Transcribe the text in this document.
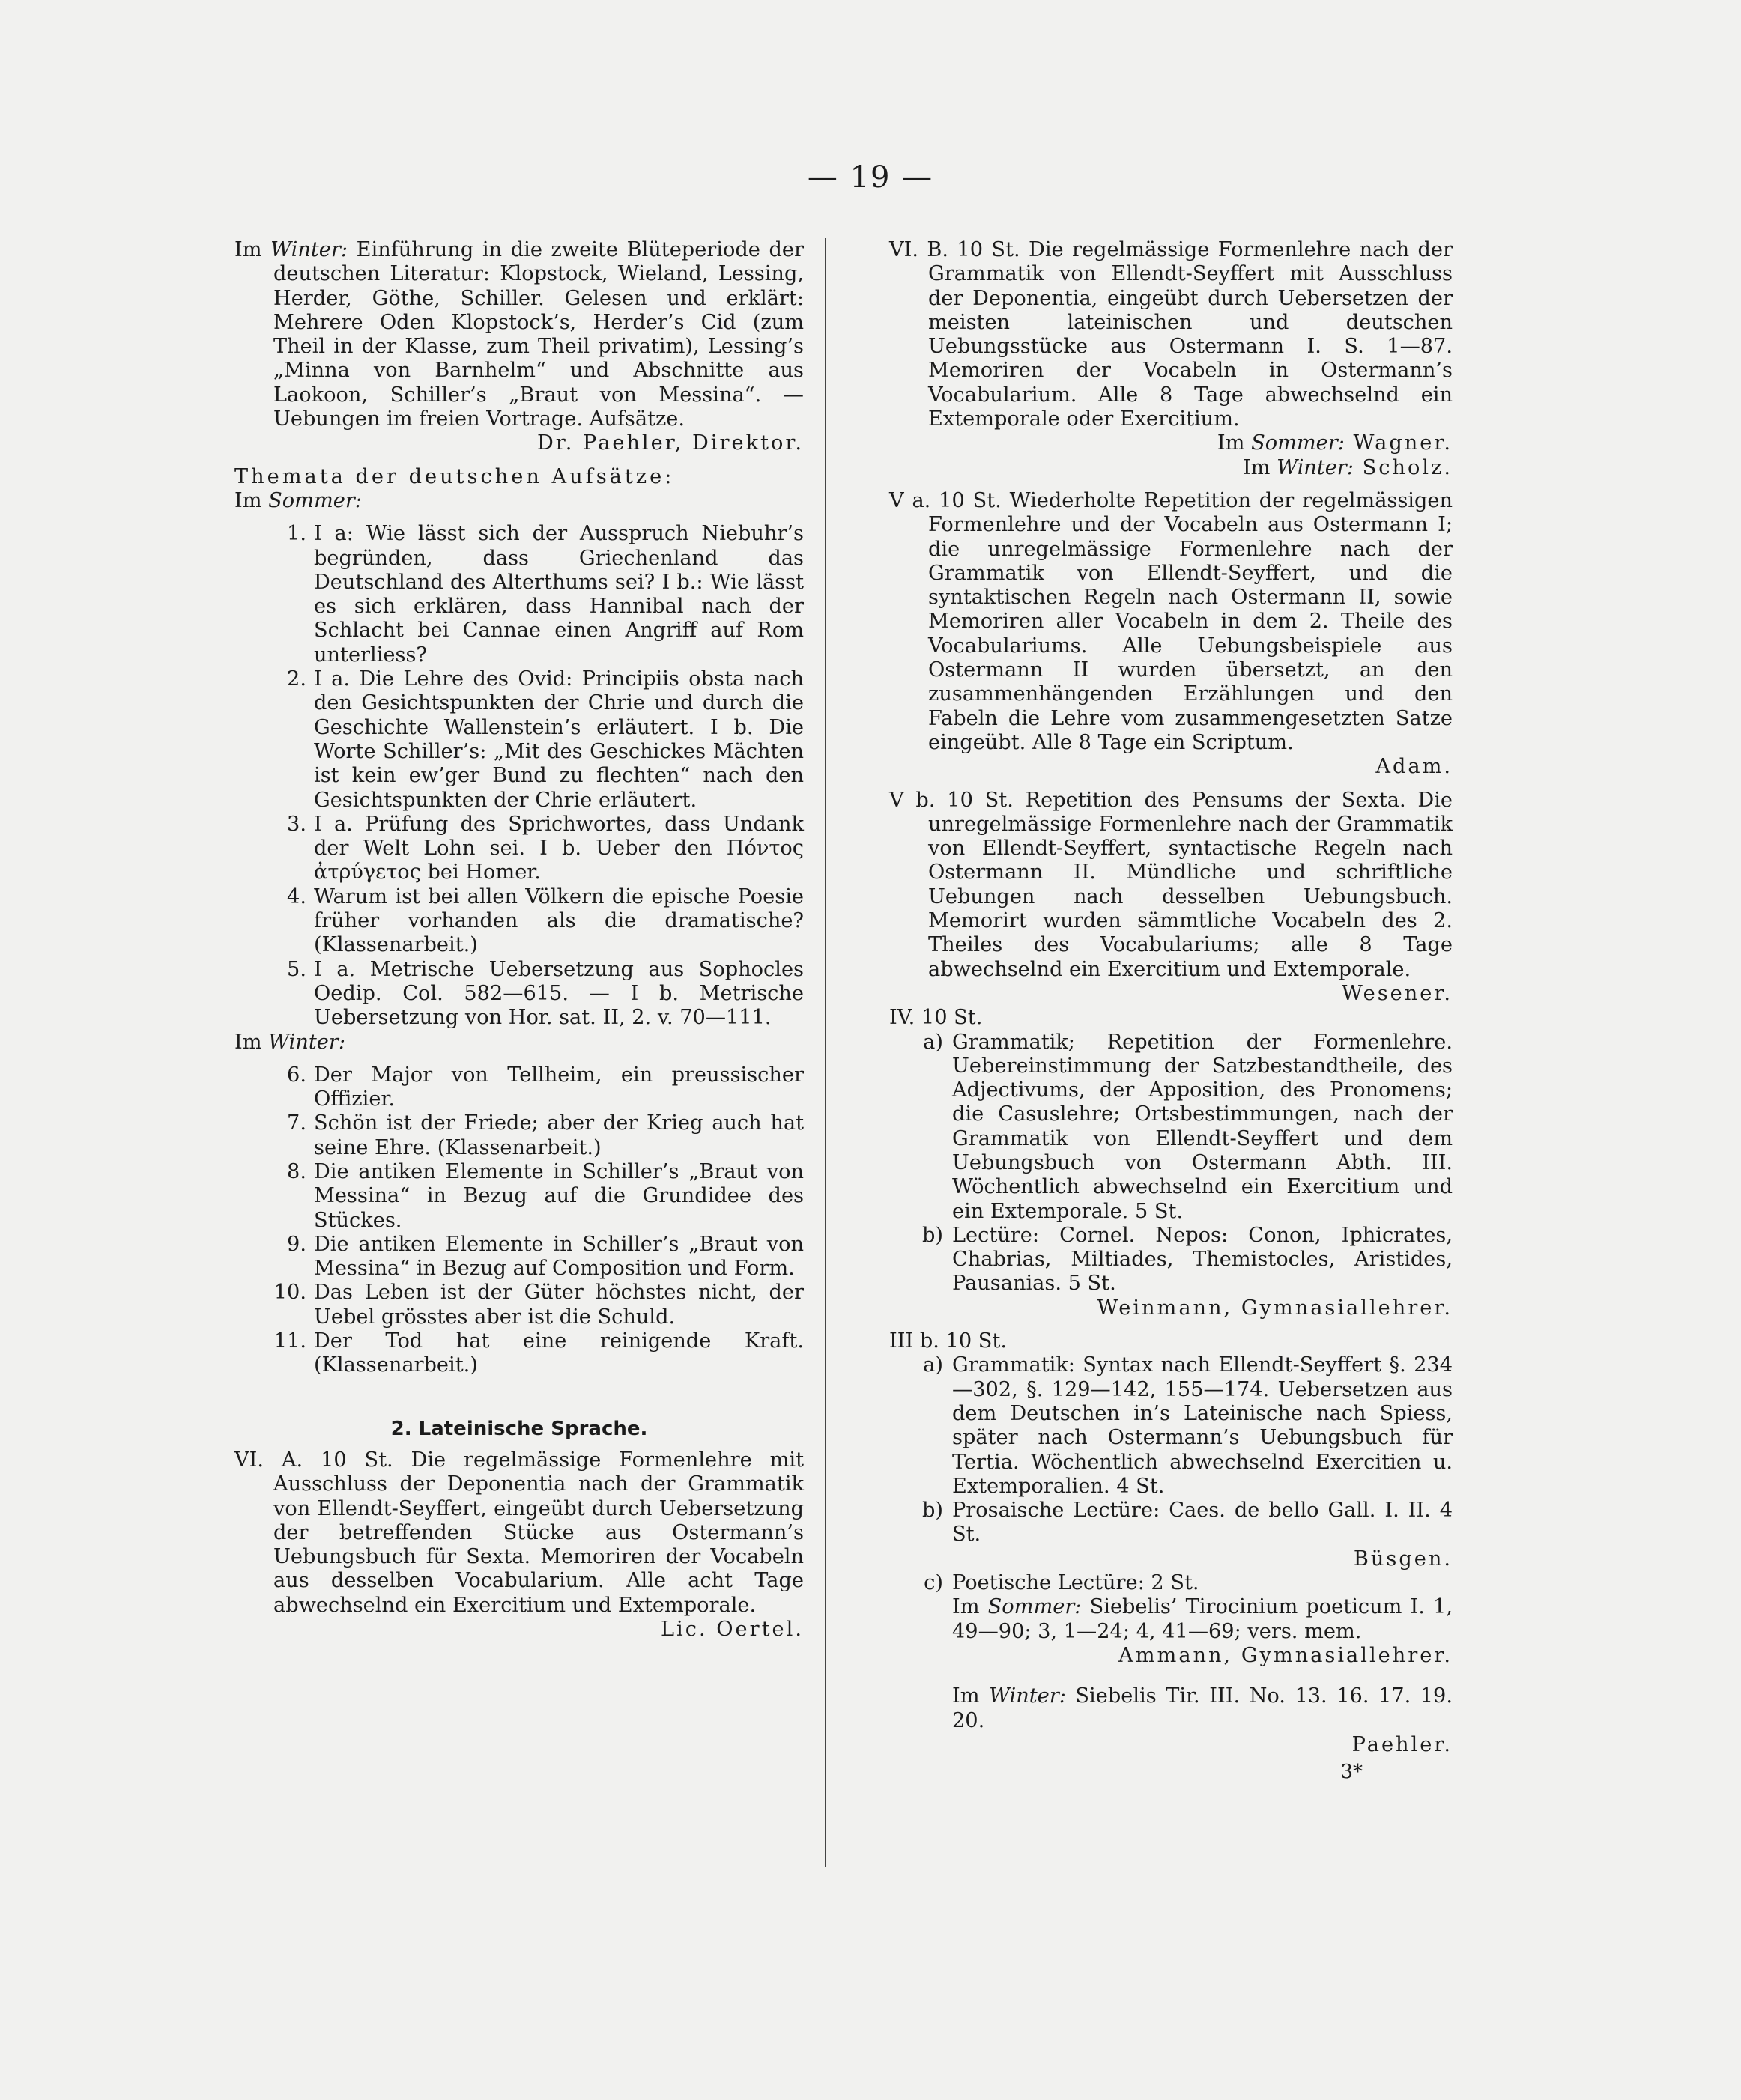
— 19 —

Im Winter: Einführung in die zweite Blüteperiode der deutschen Literatur: Klopstock, Wieland, Lessing, Herder, Göthe, Schiller. Gelesen und erklärt: Mehrere Oden Klopstock’s, Herder’s Cid (zum Theil in der Klasse, zum Theil privatim), Lessing’s „Minna von Barnhelm“ und Abschnitte aus Laokoon, Schiller’s „Braut von Messina“. — Uebungen im freien Vortrage. Aufsätze.

Dr. Paehler, Direktor.

Themata der deutschen Aufsätze:

Im Sommer:

1. I a: Wie lässt sich der Ausspruch Niebuhr’s begründen, dass Griechenland das Deutschland des Alterthums sei? I b.: Wie lässt es sich erklären, dass Hannibal nach der Schlacht bei Cannae einen Angriff auf Rom unterliess?
2. I a. Die Lehre des Ovid: Principiis obsta nach den Gesichtspunkten der Chrie und durch die Geschichte Wallenstein’s erläutert. I b. Die Worte Schiller’s: „Mit des Geschickes Mächten ist kein ew’ger Bund zu flechten“ nach den Gesichtspunkten der Chrie erläutert.
3. I a. Prüfung des Sprichwortes, dass Undank der Welt Lohn sei. I b. Ueber den Πόντος ἀτρύγετος bei Homer.
4. Warum ist bei allen Völkern die epische Poesie früher vorhanden als die dramatische? (Klassenarbeit.)
5. I a. Metrische Uebersetzung aus Sophocles Oedip. Col. 582—615. — I b. Metrische Uebersetzung von Hor. sat. II, 2. v. 70—111.

Im Winter:

6. Der Major von Tellheim, ein preussischer Offizier.
7. Schön ist der Friede; aber der Krieg auch hat seine Ehre. (Klassenarbeit.)
8. Die antiken Elemente in Schiller’s „Braut von Messina“ in Bezug auf die Grundidee des Stückes.
9. Die antiken Elemente in Schiller’s „Braut von Messina“ in Bezug auf Composition und Form.
10. Das Leben ist der Güter höchstes nicht, der Uebel grösstes aber ist die Schuld.
11. Der Tod hat eine reinigende Kraft. (Klassenarbeit.)
2. Lateinische Sprache.

VI. A. 10 St. Die regelmässige Formenlehre mit Ausschluss der Deponentia nach der Grammatik von Ellendt-Seyffert, eingeübt durch Uebersetzung der betreffenden Stücke aus Ostermann’s Uebungsbuch für Sexta. Memoriren der Vocabeln aus desselben Vocabularium. Alle acht Tage abwechselnd ein Exercitium und Extemporale.

Lic. Oertel.

VI. B. 10 St. Die regelmässige Formenlehre nach der Grammatik von Ellendt-Seyffert mit Ausschluss der Deponentia, eingeübt durch Uebersetzen der meisten lateinischen und deutschen Uebungsstücke aus Ostermann I. S. 1—87. Memoriren der Vocabeln in Ostermann’s Vocabularium. Alle 8 Tage abwechselnd ein Extemporale oder Exercitium.

Im Sommer: Wagner.

Im Winter: Scholz.

V a. 10 St. Wiederholte Repetition der regelmässigen Formenlehre und der Vocabeln aus Ostermann I; die unregelmässige Formenlehre nach der Grammatik von Ellendt-Seyffert, und die syntaktischen Regeln nach Ostermann II, sowie Memoriren aller Vocabeln in dem 2. Theile des Vocabulariums. Alle Uebungsbeispiele aus Ostermann II wurden übersetzt, an den zusammenhängenden Erzählungen und den Fabeln die Lehre vom zusammengesetzten Satze eingeübt. Alle 8 Tage ein Scriptum.

Adam.

V b. 10 St. Repetition des Pensums der Sexta. Die unregelmässige Formenlehre nach der Grammatik von Ellendt-Seyffert, syntactische Regeln nach Ostermann II. Mündliche und schriftliche Uebungen nach desselben Uebungsbuch. Memorirt wurden sämmtliche Vocabeln des 2. Theiles des Vocabulariums; alle 8 Tage abwechselnd ein Exercitium und Extemporale.

Wesener.

IV. 10 St.

a) Grammatik; Repetition der Formenlehre. Uebereinstimmung der Satzbestandtheile, des Adjectivums, der Apposition, des Pronomens; die Casuslehre; Ortsbestimmungen, nach der Grammatik von Ellendt-Seyffert und dem Uebungsbuch von Ostermann Abth. III. Wöchentlich abwechselnd ein Exercitium und ein Extemporale. 5 St.
b) Lectüre: Cornel. Nepos: Conon, Iphicrates, Chabrias, Miltiades, Themistocles, Aristides, Pausanias. 5 St.

Weinmann, Gymnasiallehrer.

III b. 10 St.

a) Grammatik: Syntax nach Ellendt-Seyffert §. 234—302, §. 129—142, 155—174. Uebersetzen aus dem Deutschen in’s Lateinische nach Spiess, später nach Ostermann’s Uebungsbuch für Tertia. Wöchentlich abwechselnd Exercitien u. Extemporalien. 4 St.
b) Prosaische Lectüre: Caes. de bello Gall. I. II. 4 St.

Büsgen.

c) Poetische Lectüre: 2 St.

Im Sommer: Siebelis’ Tirocinium poeticum I. 1, 49—90; 3, 1—24; 4, 41—69; vers. mem.

Ammann, Gymnasiallehrer.

Im Winter: Siebelis Tir. III. No. 13. 16. 17. 19. 20.

Paehler.

3*
